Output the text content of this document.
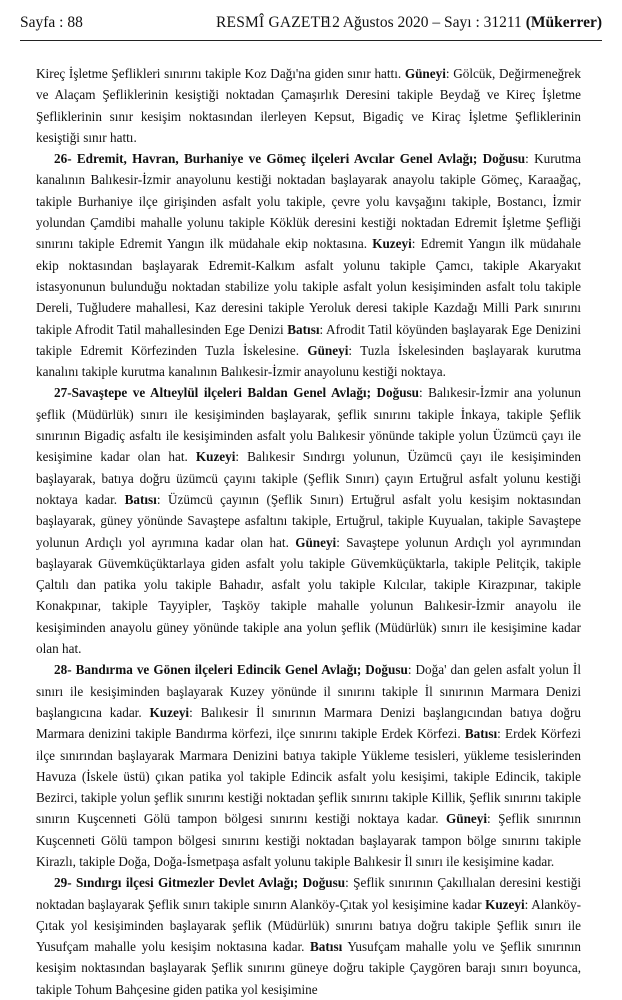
Sayfa : 88	RESMÎ GAZETE
12 Ağustos 2020 – Sayı : 31211 (Mükerrer)

Kireç İşletme Şeflikleri sınırını takiple Koz Dağı'na giden sınır hattı. Güneyi: Gölcük, Değirmeneğrek ve Alaçam Şefliklerinin kesiştiği noktadan Çamaşırlık Deresini takiple Beydağ ve Kireç İşletme Şefliklerinin sınır kesişim noktasından ilerleyen Kepsut, Bigadiç ve Kiraç İşletme Şefliklerinin kesiştiği sınır hattı.

26- Edremit, Havran, Burhaniye ve Gömeç ilçeleri Avcılar Genel Avlağı; Doğusu: Kurutma kanalının Balıkesir-İzmir anayolunu kestiği noktadan başlayarak anayolu takiple Gömeç, Karaağaç, takiple Burhaniye ilçe girişinden asfalt yolu takiple, çevre yolu kavşağını takiple, Bostancı, İzmir yolundan Çamdibi mahalle yolunu takiple Köklük deresini kestiği noktadan Edremit İşletme Şefliği sınırını takiple Edremit Yangın ilk müdahale ekip noktasına. Kuzeyi: Edremit Yangın ilk müdahale ekip noktasından başlayarak Edremit-Kalkım asfalt yolunu takiple Çamcı, takiple Akaryakıt istasyonunun bulunduğu noktadan stabilize yolu takiple asfalt yolun kesişiminden asfalt tolu takiple Dereli, Tuğludere mahallesi, Kaz deresini takiple Yeroluk deresi takiple Kazdağı Milli Park sınırını takiple Afrodit Tatil mahallesinden Ege Denizi Batısı: Afrodit Tatil köyünden başlayarak Ege Denizini takiple Edremit Körfezinden Tuzla İskelesine. Güneyi: Tuzla İskelesinden başlayarak kurutma kanalını takiple kurutma kanalının Balıkesir-İzmir anayolunu kestiği noktaya.

27-Savaştepe ve Altıeylül ilçeleri Baldan Genel Avlağı; Doğusu: Balıkesir-İzmir ana yolunun şeflik (Müdürlük) sınırı ile kesişiminden başlayarak, şeflik sınırını takiple İnkaya, takiple Şeflik sınırının Bigadiç asfaltı ile kesişiminden asfalt yolu Balıkesir yönünde takiple yolun Üzümcü çayı ile kesişimine kadar olan hat. Kuzeyi: Balıkesir Sındırgı yolunun, Üzümcü çayı ile kesişiminden başlayarak, batıya doğru üzümcü çayını takiple (Şeflik Sınırı) çayın Ertuğrul asfalt yolunu kestiği noktaya kadar. Batısı: Üzümcü çayının (Şeflik Sınırı) Ertuğrul asfalt yolu kesişim noktasından başlayarak, güney yönünde Savaştepe asfaltını takiple, Ertuğrul, takiple Kuyualan, takiple Savaştepe yolunun Ardıçlı yol ayrımına kadar olan hat. Güneyi: Savaştepe yolunun Ardıçlı yol ayrımından başlayarak Güvemküçüktarlaya giden asfalt yolu takiple Güvemküçüktarla, takiple Pelitçik, takiple Çaltılı dan patika yolu takiple Bahadır, asfalt yolu takiple Kılcılar, takiple Kirazpınar, takiple Konakpınar, takiple Tayyipler, Taşköy takiple mahalle yolunun Balıkesir-İzmir anayolu ile kesişiminden anayolu güney yönünde takiple ana yolun şeflik (Müdürlük) sınırı ile kesişimine kadar olan hat.

28- Bandırma ve Gönen ilçeleri Edincik Genel Avlağı; Doğusu: Doğa' dan gelen asfalt yolun İl sınırı ile kesişiminden başlayarak Kuzey yönünde il sınırını takiple İl sınırının Marmara Denizi başlangıcına kadar. Kuzeyi: Balıkesir İl sınırının Marmara Denizi başlangıcından batıya doğru Marmara denizini takiple Bandırma körfezi, ilçe sınırını takiple Erdek Körfezi. Batısı: Erdek Körfezi ilçe sınırından başlayarak Marmara Denizini batıya takiple Yükleme tesisleri, yükleme tesislerinden Havuza (İskele üstü) çıkan patika yol takiple Edincik asfalt yolu kesişimi, takiple Edincik, takiple Bezirci, takiple yolun şeflik sınırını kestiği noktadan şeflik sınırını takiple Killik, Şeflik sınırını takiple sınırın Kuşcenneti Gölü tampon bölgesi sınırını kestiği noktaya kadar. Güneyi: Şeflik sınırının Kuşcenneti Gölü tampon bölgesi sınırını kestiği noktadan başlayarak tampon bölge sınırını takiple Kirazlı, takiple Doğa, Doğa-İsmetpaşa asfalt yolunu takiple Balıkesir İl sınırı ile kesişimine kadar.

29- Sındırgı ilçesi Gitmezler Devlet Avlağı; Doğusu: Şeflik sınırının Çakıllıalan deresini kestiği noktadan başlayarak Şeflik sınırı takiple sınırın Alanköy-Çıtak yol kesişimine kadar Kuzeyi: Alanköy-Çıtak yol kesişiminden başlayarak şeflik (Müdürlük) sınırını batıya doğru takiple Şeflik sınırı ile Yusufçam mahalle yolu kesişim noktasına kadar. Batısı Yusufçam mahalle yolu ve Şeflik sınırının kesişim noktasından başlayarak Şeflik sınırını güneye doğru takiple Çaygören barajı sınırı boyunca, takiple Tohum Bahçesine giden patika yol kesişimine
